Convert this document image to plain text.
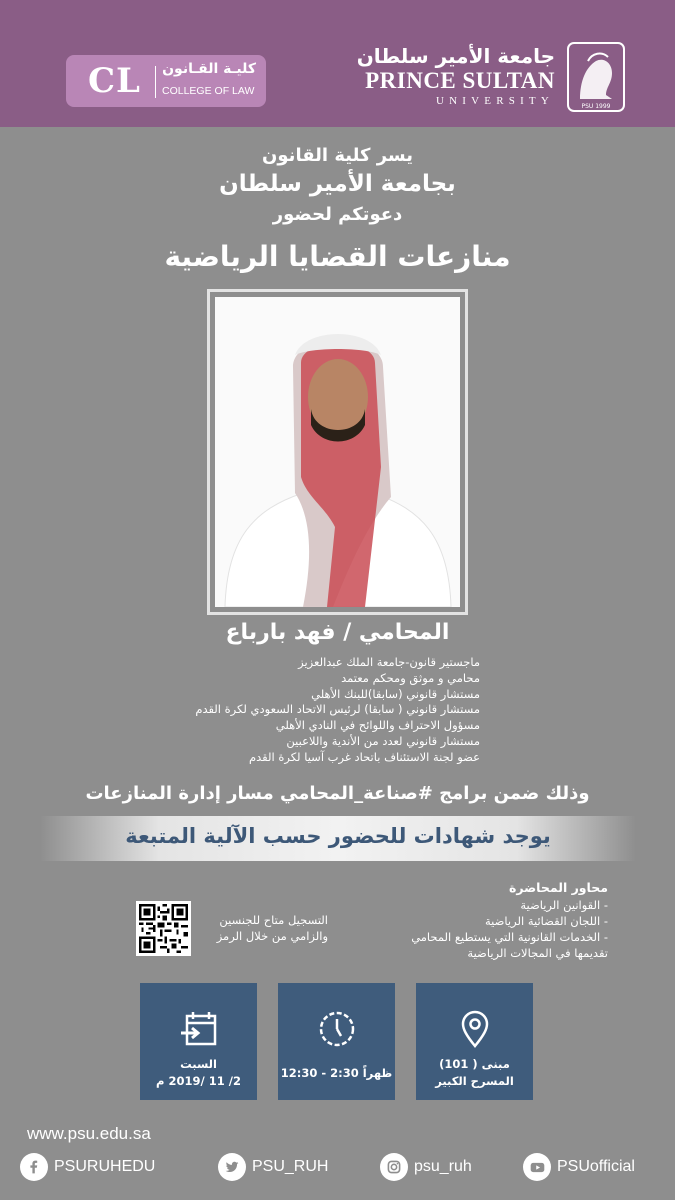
CL كليـة القـانون
COLLEGE OF LAW
جامعة الأمير سلطان
PRINCE SULTAN
UNIVERSITY	PSU 1999
يسر كلية القانون
بجامعة الأمير سلطان
دعوتكم لحضور
منازعات القضايا الرياضية
المحامي / فهد بارباع
ماجستير قانون-جامعة الملك عبدالعزيز
محامي و موثق ومحكم معتمد
مستشار قانوني (سابقا)للبنك الأهلي
مستشار قانوني ( سابقا) لرئيس الاتحاد السعودي لكرة القدم
مسؤول الاحتراف واللوائح في النادي الأهلي
مستشار قانوني لعدد من الأندية واللاعبين
عضو لجنة الاستئناف باتحاد غرب آسيا لكرة القدم
وذلك ضمن برامج #صناعة_المحامي مسار إدارة المنازعات
يوجد شهادات للحضور حسب الآلية المتبعة
محاور المحاضرة
- القوانين الرياضية
- اللجان القضائية الرياضية
- الخدمات القانونية التي يستطيع المحامي
تقديمها في المجالات الرياضية
التسجيل متاح للجنسين
والزامي من خلال الرمز
السبت
2/ 11 /2019 م
12:30 - 2:30 ظهراً
مبنى ( 101)
المسرح الكبير
www.psu.edu.sa
PSURUHEDU	PSU_RUH	psu_ruh	PSUofficial
